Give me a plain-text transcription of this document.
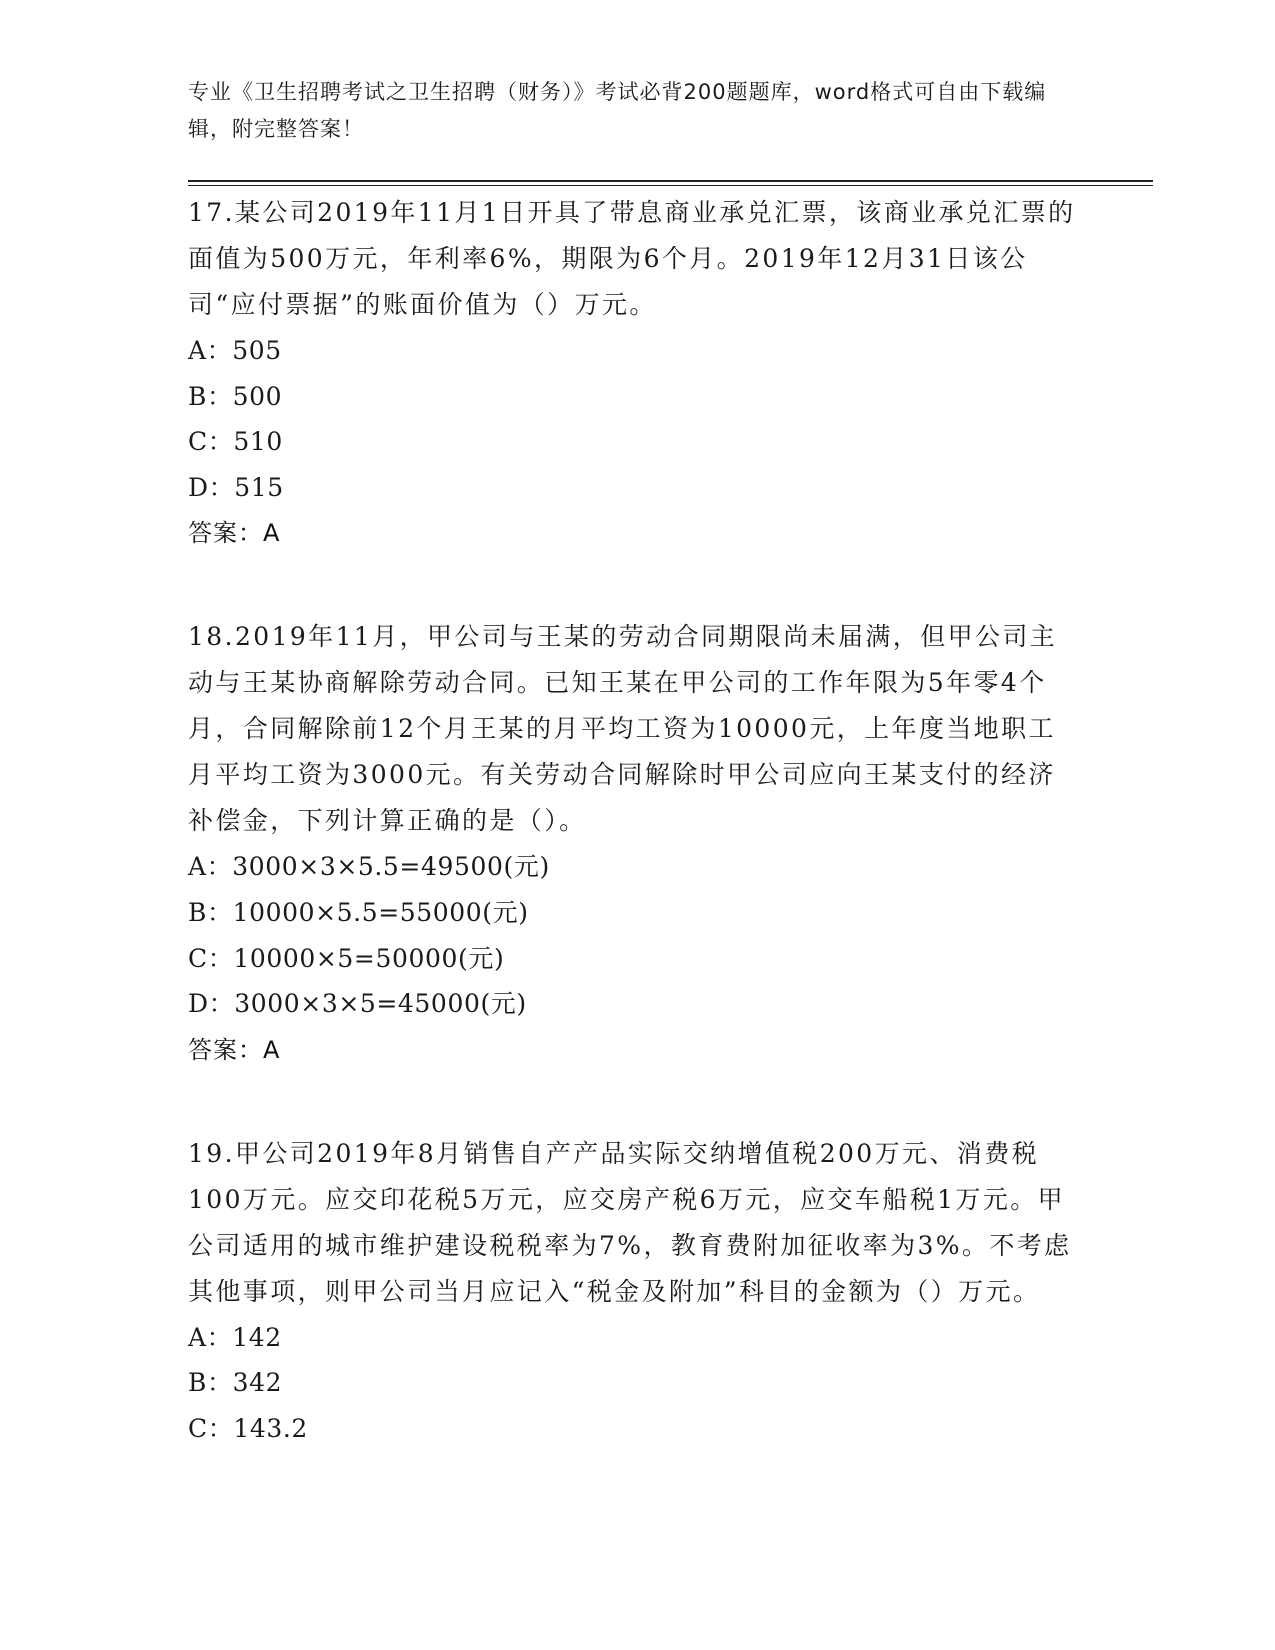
专业《卫生招聘考试之卫生招聘（财务）》考试必背200题题库，word格式可自由下载编辑，附完整答案！
17.某公司2019年11月1日开具了带息商业承兑汇票，该商业承兑汇票的面值为500万元，年利率6%，期限为6个月。2019年12月31日该公司“应付票据”的账面价值为（）万元。
A：505
B：500
C：510
D：515
答案：A
18.2019年11月，甲公司与王某的劳动合同期限尚未届满，但甲公司主动与王某协商解除劳动合同。已知王某在甲公司的工作年限为5年零4个月，合同解除前12个月王某的月平均工资为10000元，上年度当地职工月平均工资为3000元。有关劳动合同解除时甲公司应向王某支付的经济补偿金，下列计算正确的是（）。
A：3000×3×5.5=49500(元)
B：10000×5.5=55000(元)
C：10000×5=50000(元)
D：3000×3×5=45000(元)
答案：A
19.甲公司2019年8月销售自产产品实际交纳增值税200万元、消费税100万元。应交印花税5万元，应交房产税6万元，应交车船税1万元。甲公司适用的城市维护建设税税率为7%，教育费附加征收率为3%。不考虑其他事项，则甲公司当月应记入“税金及附加”科目的金额为（）万元。
A：142
B：342
C：143.2
